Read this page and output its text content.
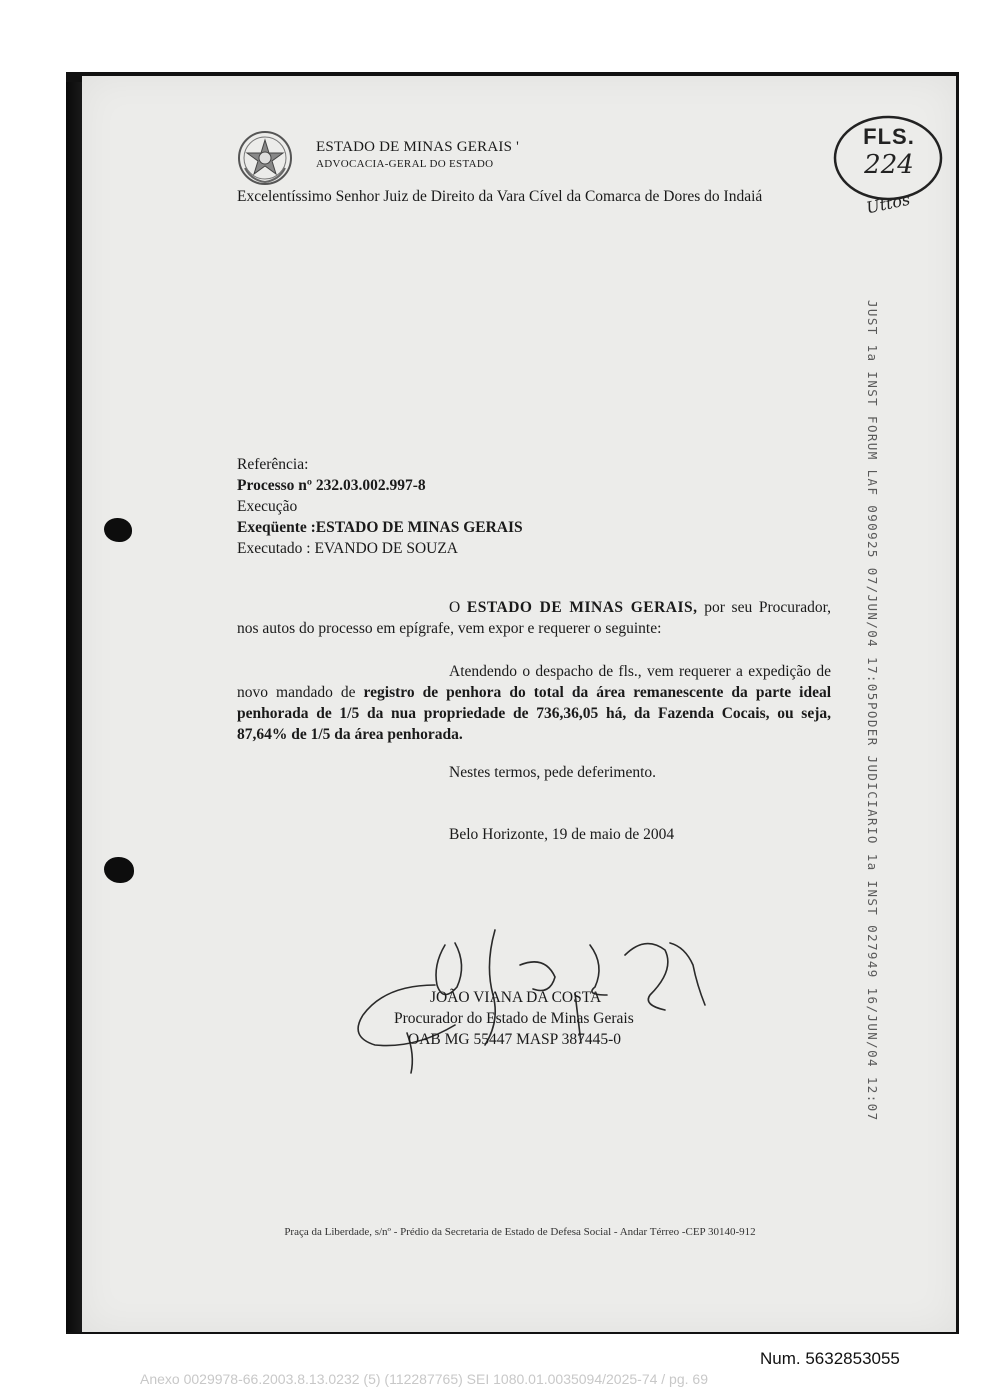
ESTADO DE MINAS GERAIS '
ADVOCACIA-GERAL DO ESTADO
Excelentíssimo Senhor Juiz de Direito da Vara Cível da Comarca de Dores do Indaiá
FLS.
224
Uttos
JUST 1a INST FORUM LAF 090925 07/JUN/04 17:05
PODER JUDICIARIO 1a INST 027949 16/JUN/04 12:07
Referência:
Processo nº 232.03.002.997-8
Execução
Exeqüente :ESTADO DE MINAS GERAIS
Executado : EVANDO DE SOUZA
O ESTADO DE MINAS GERAIS, por seu Procurador, nos autos do processo em epígrafe, vem expor e requerer o seguinte:
Atendendo o despacho de fls., vem requerer a expedição de novo mandado de registro de penhora do total da área remanescente da parte ideal penhorada de 1/5 da nua propriedade de 736,36,05 há, da Fazenda Cocais, ou seja, 87,64% de 1/5 da área penhorada.
Nestes termos, pede deferimento.
Belo Horizonte, 19 de maio de 2004
JOÃO VIANA DA COSTA
Procurador do Estado de Minas Gerais
OAB MG 55447 MASP 387445-0
Praça da Liberdade, s/nº - Prédio da Secretaria de Estado de Defesa Social - Andar Térreo -CEP 30140-912
Num. 5632853055
Anexo 0029978-66.2003.8.13.0232 (5) (112287765) SEI 1080.01.0035094/2025-74 / pg. 69
